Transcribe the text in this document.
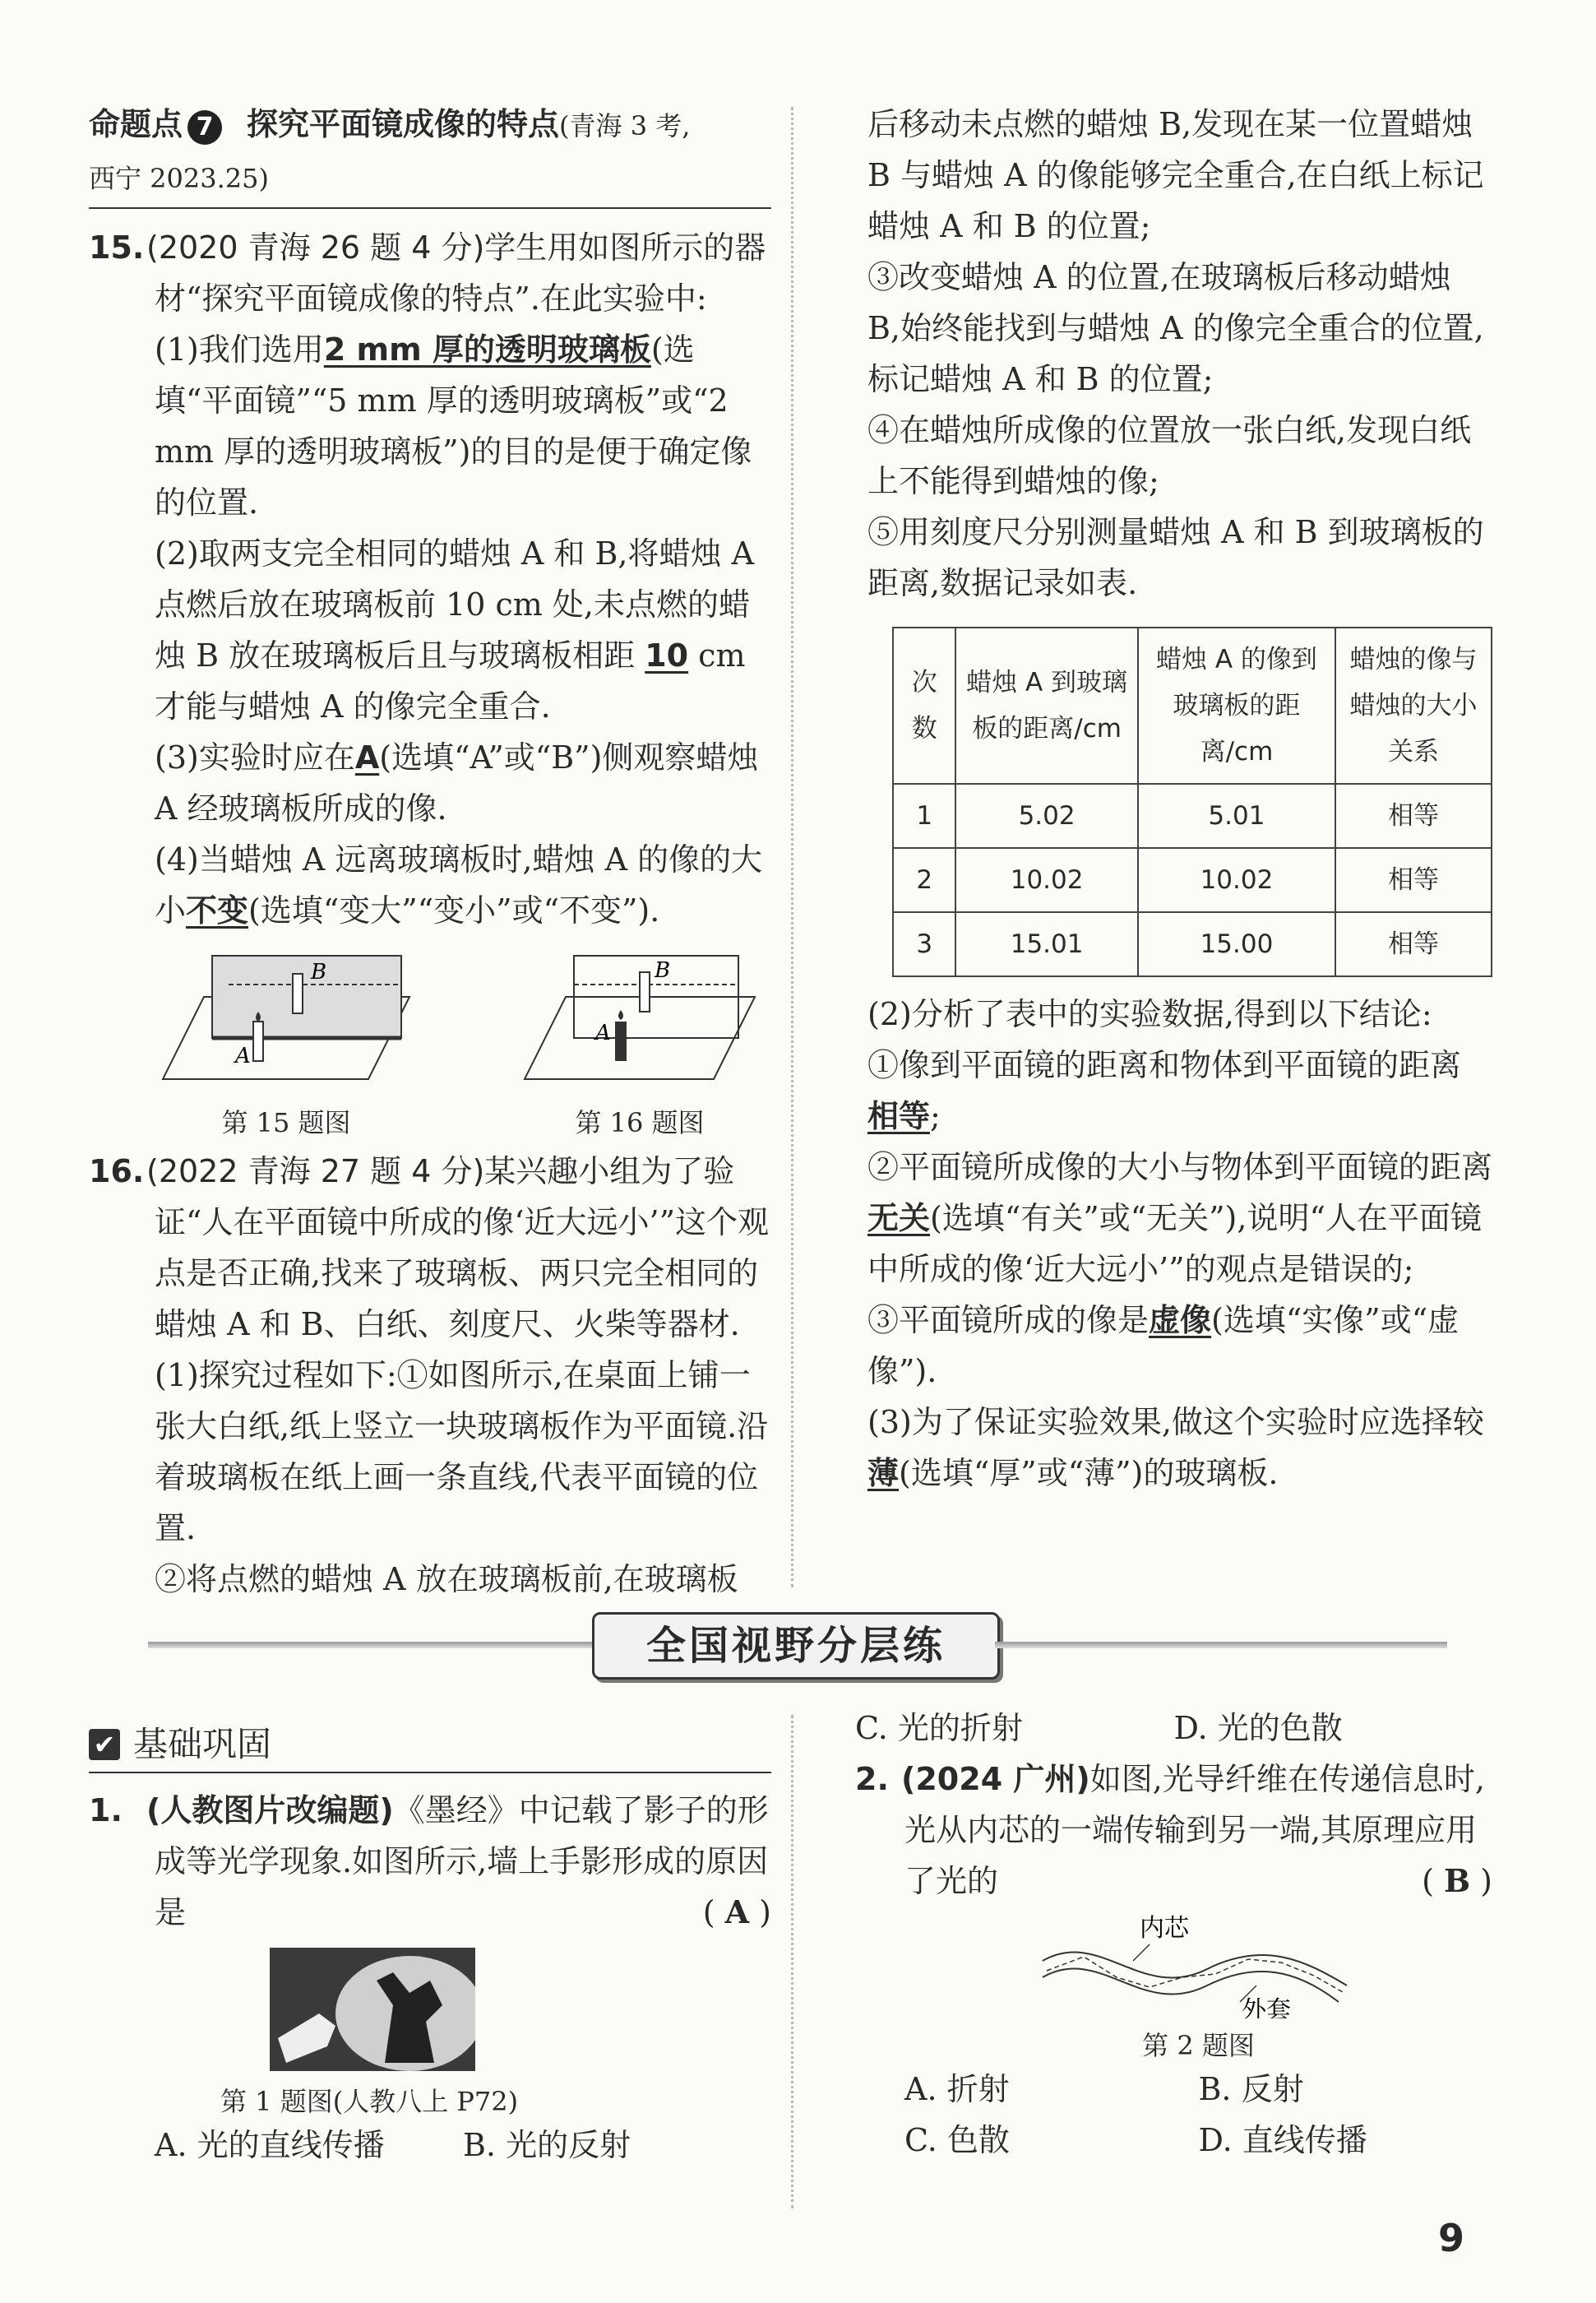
命题点 7 探究平面镜成像的特点(青海 3 考,
西宁 2023.25)

15.(2020 青海 26 题 4 分)学生用如图所示的器材“探究平面镜成像的特点”.在此实验中:

(1)我们选用2 mm 厚的透明玻璃板(选填“平面镜”“5 mm 厚的透明玻璃板”或“2 mm 厚的透明玻璃板”)的目的是便于确定像的位置.

(2)取两支完全相同的蜡烛 A 和 B,将蜡烛 A 点燃后放在玻璃板前 10 cm 处,未点燃的蜡烛 B 放在玻璃板后且与玻璃板相距 10 cm 才能与蜡烛 A 的像完全重合.

(3)实验时应在A(选填“A”或“B”)侧观察蜡烛 A 经玻璃板所成的像.

(4)当蜡烛 A 远离玻璃板时,蜡烛 A 的像的大小不变(选填“变大”“变小”或“不变”).

B
A
第 15 题图
B
A
第 16 题图

16.(2022 青海 27 题 4 分)某兴趣小组为了验证“人在平面镜中所成的像‘近大远小’”这个观点是否正确,找来了玻璃板、两只完全相同的蜡烛 A 和 B、白纸、刻度尺、火柴等器材.

(1)探究过程如下:①如图所示,在桌面上铺一张大白纸,纸上竖立一块玻璃板作为平面镜.沿着玻璃板在纸上画一条直线,代表平面镜的位置.

②将点燃的蜡烛 A 放在玻璃板前,在玻璃板

后移动未点燃的蜡烛 B,发现在某一位置蜡烛 B 与蜡烛 A 的像能够完全重合,在白纸上标记蜡烛 A 和 B 的位置;

③改变蜡烛 A 的位置,在玻璃板后移动蜡烛 B,始终能找到与蜡烛 A 的像完全重合的位置,标记蜡烛 A 和 B 的位置;

④在蜡烛所成像的位置放一张白纸,发现白纸上不能得到蜡烛的像;

⑤用刻度尺分别测量蜡烛 A 和 B 到玻璃板的距离,数据记录如表.

次数	蜡烛 A 到玻璃板的距离/cm	蜡烛 A 的像到玻璃板的距离/cm	蜡烛的像与蜡烛的大小关系
1	5.02	5.01	相等
2	10.02	10.02	相等
3	15.01	15.00	相等

(2)分析了表中的实验数据,得到以下结论:

①像到平面镜的距离和物体到平面镜的距离相等;

②平面镜所成像的大小与物体到平面镜的距离无关(选填“有关”或“无关”),说明“人在平面镜中所成的像‘近大远小’”的观点是错误的;

③平面镜所成的像是虚像(选填“实像”或“虚像”).

(3)为了保证实验效果,做这个实验时应选择较薄(选填“厚”或“薄”)的玻璃板.

全国视野分层练
✔ 基础巩固

1. (人教图片改编题)《墨经》中记载了影子的形成等光学现象.如图所示,墙上手影形成的原因是	( A )

第 1 题图(人教八上 P72)
A. 光的直线传播	B. 光的反射
C. 光的折射	D. 光的色散

2. (2024 广州)如图,光导纤维在传递信息时,光从内芯的一端传输到另一端,其原理应用了光的	( B )

内芯
外套
第 2 题图
A. 折射	B. 反射
C. 色散	D. 直线传播
9
